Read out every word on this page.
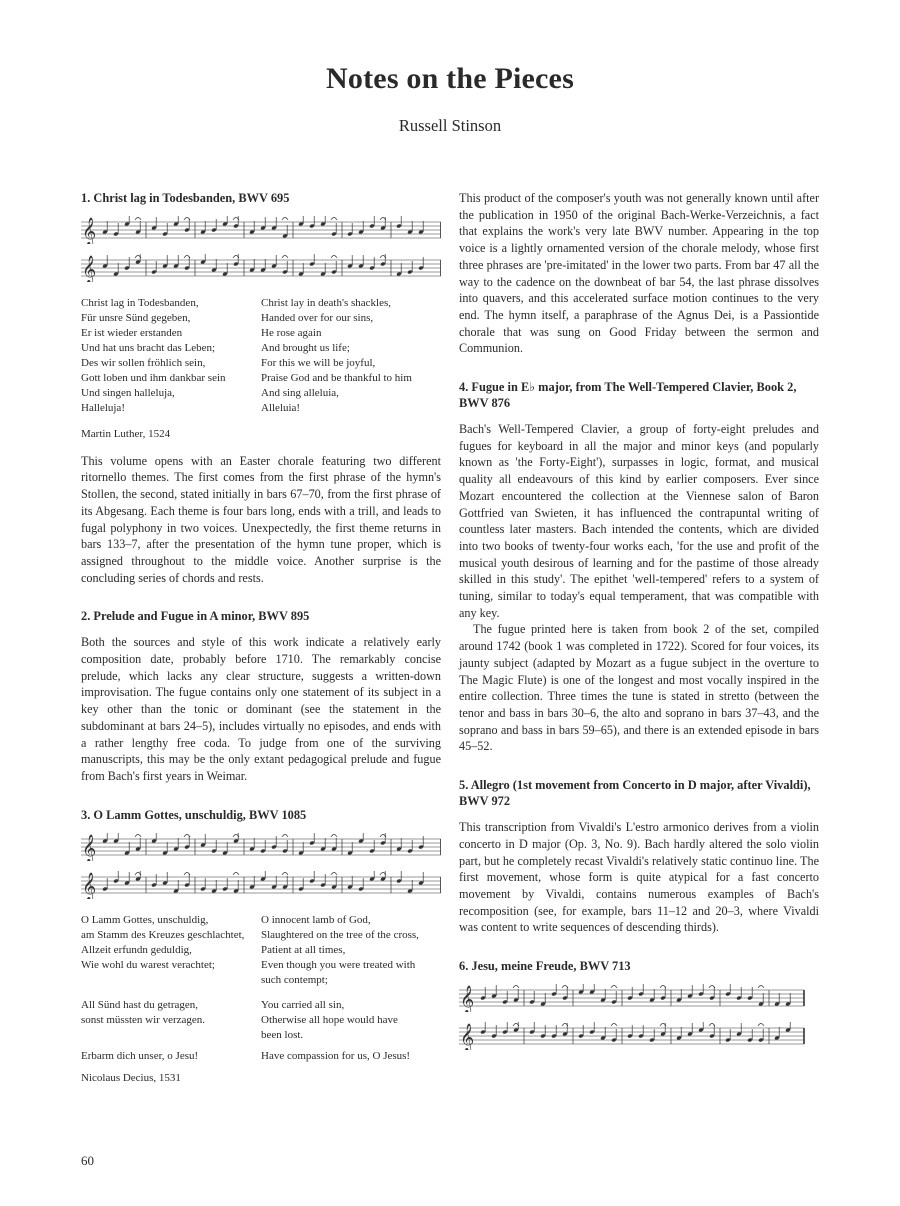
Notes on the Pieces
Russell Stinson
1. Christ lag in Todesbanden, BWV 695
𝄞
𝄞
Christ lag in Todesbanden,
Für unsre Sünd gegeben,
Er ist wieder erstanden
Und hat uns bracht das Leben;
Des wir sollen fröhlich sein,
Gott loben und ihm dankbar sein
Und singen halleluja,
Halleluja!
Christ lay in death's shackles,
Handed over for our sins,
He rose again
And brought us life;
For this we will be joyful,
Praise God and be thankful to him
And sing alleluia,
Alleluia!
Martin Luther, 1524

This volume opens with an Easter chorale featuring two different ritornello themes. The first comes from the first phrase of the hymn's Stollen, the second, stated initially in bars 67–70, from the first phrase of its Abgesang. Each theme is four bars long, ends with a trill, and leads to fugal polyphony in two voices. Unexpectedly, the first theme returns in bars 133–7, after the presentation of the hymn tune proper, which is assigned throughout to the middle voice. Another surprise is the concluding series of chords and rests.

2. Prelude and Fugue in A minor, BWV 895

Both the sources and style of this work indicate a relatively early composition date, probably before 1710. The remarkably concise prelude, which lacks any clear structure, suggests a written-down improvisation. The fugue contains only one statement of its subject in a key other than the tonic or dominant (see the statement in the subdominant at bars 24–5), includes virtually no episodes, and ends with a rather lengthy free coda. To judge from one of the surviving manuscripts, this may be the only extant pedagogical prelude and fugue from Bach's first years in Weimar.

3. O Lamm Gottes, unschuldig, BWV 1085
𝄞
𝄞
O Lamm Gottes, unschuldig,
am Stamm des Kreuzes geschlachtet,
Allzeit erfundn geduldig,
Wie wohl du warest verachtet;
O innocent lamb of God,
Slaughtered on the tree of the cross,
Patient at all times,
Even though you were treated with
such contempt;
All Sünd hast du getragen,
sonst müssten wir verzagen.
You carried all sin,
Otherwise all hope would have
been lost.
Erbarm dich unser, o Jesu!	Have compassion for us, O Jesus!
Nicolaus Decius, 1531

This product of the composer's youth was not generally known until after the publication in 1950 of the original Bach-Werke-Verzeichnis, a fact that explains the work's very late BWV number. Appearing in the top voice is a lightly ornamented version of the chorale melody, whose first three phrases are 'pre-imitated' in the lower two parts. From bar 47 all the way to the cadence on the downbeat of bar 54, the last phrase dissolves into quavers, and this accelerated surface motion continues to the very end. The hymn itself, a paraphrase of the Agnus Dei, is a Passiontide chorale that was sung on Good Friday between the sermon and Communion.

4. Fugue in E♭ major, from The Well-Tempered Clavier, Book 2, BWV 876

Bach's Well-Tempered Clavier, a group of forty-eight preludes and fugues for keyboard in all the major and minor keys (and popularly known as 'the Forty-Eight'), surpasses in logic, format, and musical quality all endeavours of this kind by earlier composers. Ever since Mozart encountered the collection at the Viennese salon of Baron Gottfried van Swieten, it has influenced the contrapuntal writing of countless later masters. Bach intended the contents, which are divided into two books of twenty-four works each, 'for the use and profit of the musical youth desirous of learning and for the pastime of those already skilled in this study'. The epithet 'well-tempered' refers to a system of tuning, similar to today's equal temperament, that was compatible with any key.

The fugue printed here is taken from book 2 of the set, compiled around 1742 (book 1 was completed in 1722). Scored for four voices, its jaunty subject (adapted by Mozart as a fugue subject in the overture to The Magic Flute) is one of the longest and most vocally inspired in the entire collection. Three times the tune is stated in stretto (between the tenor and bass in bars 30–6, the alto and soprano in bars 37–43, and the soprano and bass in bars 59–65), and there is an extended episode in bars 45–52.

5. Allegro (1st movement from Concerto in D major, after Vivaldi), BWV 972

This transcription from Vivaldi's L'estro armonico derives from a violin concerto in D major (Op. 3, No. 9). Bach hardly altered the solo violin part, but he completely recast Vivaldi's relatively static continuo line. The first movement, whose form is quite atypical for a fast concerto movement by Vivaldi, contains numerous examples of Bach's recomposition (see, for example, bars 11–12 and 20–3, where Vivaldi was content to write sequences of descending thirds).

6. Jesu, meine Freude, BWV 713
𝄞
𝄞
60
